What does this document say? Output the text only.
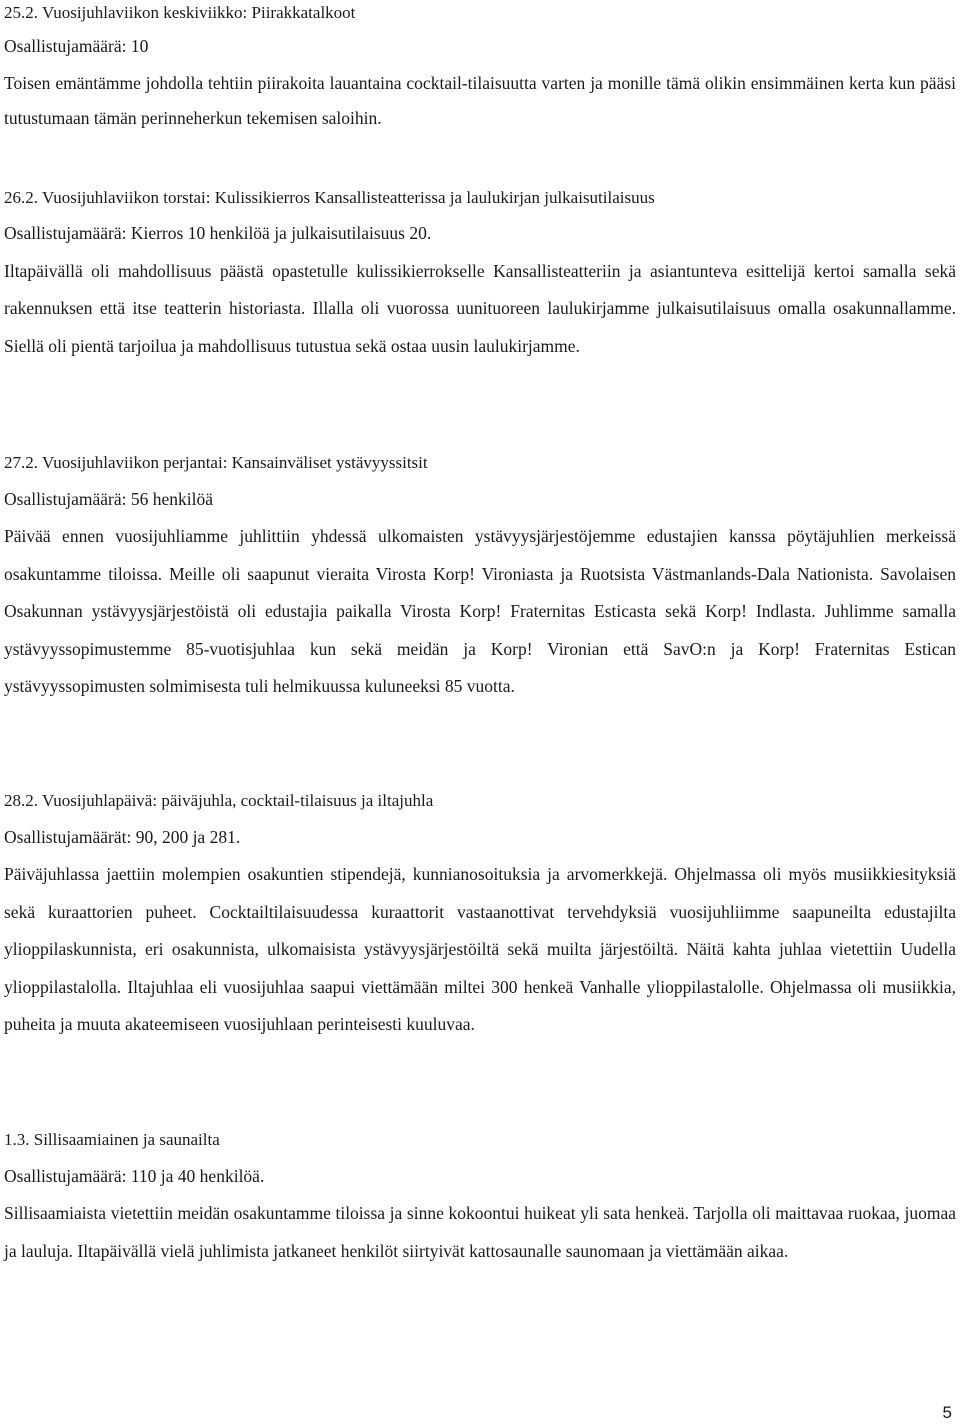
25.2. Vuosijuhlaviikon keskiviikko: Piirakkatalkoot
Osallistujamäärä: 10
Toisen emäntämme johdolla tehtiin piirakoita lauantaina cocktail-tilaisuutta varten ja monille tämä olikin ensimmäinen kerta kun pääsi tutustumaan tämän perinneherkun tekemisen saloihin.
26.2. Vuosijuhlaviikon torstai: Kulissikierros Kansallisteatterissa ja laulukirjan julkaisutilaisuus
Osallistujamäärä: Kierros 10 henkilöä ja julkaisutilaisuus 20.
Iltapäivällä oli mahdollisuus päästä opastetulle kulissikierrokselle Kansallisteatteriin ja asiantunteva esittelijä kertoi samalla sekä rakennuksen että itse teatterin historiasta. Illalla oli vuorossa uunituoreen laulukirjamme julkaisutilaisuus omalla osakunnallamme. Siellä oli pientä tarjoilua ja mahdollisuus tutustua sekä ostaa uusin laulukirjamme.
27.2. Vuosijuhlaviikon perjantai: Kansainväliset ystävyyssitsit
Osallistujamäärä: 56 henkilöä
Päivää ennen vuosijuhliamme juhlittiin yhdessä ulkomaisten ystävyysjärjestöjemme edustajien kanssa pöytäjuhlien merkeissä osakuntamme tiloissa. Meille oli saapunut vieraita Virosta Korp! Vironiasta ja Ruotsista Västmanlands-Dala Nationista. Savolaisen Osakunnan ystävyysjärjestöistä oli edustajia paikalla Virosta Korp! Fraternitas Esticasta sekä Korp! Indlasta. Juhlimme samalla ystävyyssopimustemme 85-vuotisjuhlaa kun sekä meidän ja Korp! Vironian että SavO:n ja Korp! Fraternitas Estican ystävyyssopimusten solmimisesta tuli helmikuussa kuluneeksi 85 vuotta.
28.2. Vuosijuhlapäivä: päiväjuhla, cocktail-tilaisuus ja iltajuhla
Osallistujamäärät: 90, 200 ja 281.
Päiväjuhlassa jaettiin molempien osakuntien stipendejä, kunnianosoituksia ja arvomerkkejä. Ohjelmassa oli myös musiikkiesityksiä sekä kuraattorien puheet. Cocktailtilaisuudessa kuraattorit vastaanottivat tervehdyksiä vuosijuhliimme saapuneilta edustajilta ylioppilaskunnista, eri osakunnista, ulkomaisista ystävyysjärjestöiltä sekä muilta järjestöiltä. Näitä kahta juhlaa vietettiin Uudella ylioppilastalolla. Iltajuhlaa eli vuosijuhlaa saapui viettämään miltei 300 henkeä Vanhalle ylioppilastalolle. Ohjelmassa oli musiikkia, puheita ja muuta akateemiseen vuosijuhlaan perinteisesti kuuluvaa.
1.3. Sillisaamiainen ja saunailta
Osallistujamäärä: 110 ja 40 henkilöä.
Sillisaamiaista vietettiin meidän osakuntamme tiloissa ja sinne kokoontui huikeat yli sata henkeä. Tarjolla oli maittavaa ruokaa, juomaa ja lauluja. Iltapäivällä vielä juhlimista jatkaneet henkilöt siirtyivät kattosaunalle saunomaan ja viettämään aikaa.
5
